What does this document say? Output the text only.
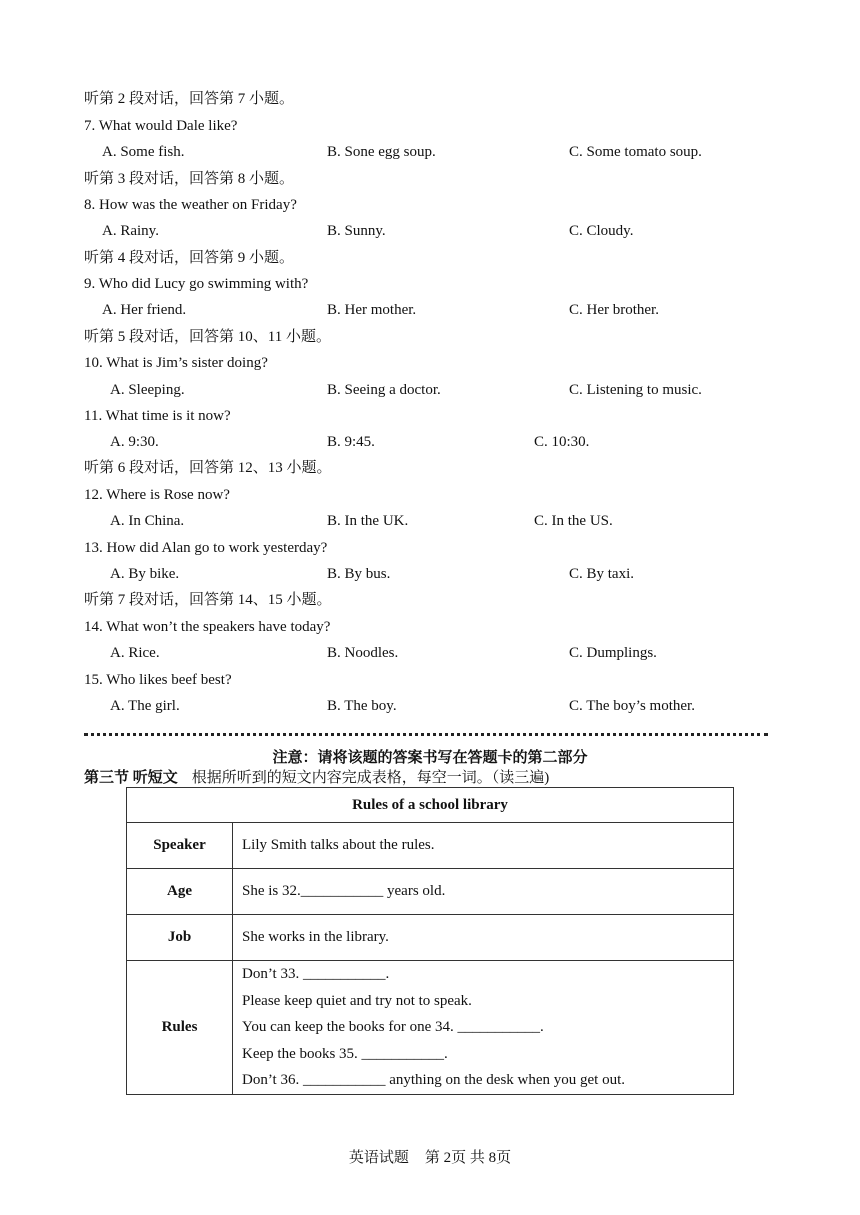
听第 2 段对话，回答第 7 小题。
7. What would Dale like?
A. Some fish.	B. Sone egg soup.	C. Some tomato soup.
听第 3 段对话，回答第 8 小题。
8. How was the weather on Friday?
A. Rainy.	B. Sunny.	C. Cloudy.
听第 4 段对话，回答第 9 小题。
9. Who did Lucy go swimming with?
A. Her friend.	B. Her mother.	C. Her brother.
听第 5 段对话，回答第 10、11 小题。
10. What is Jim’s sister doing?
A. Sleeping.	B. Seeing a doctor.	C. Listening to music.
11. What time is it now?
A. 9:30.	B. 9:45.	C. 10:30.
听第 6 段对话，回答第 12、13 小题。
12. Where is Rose now?
A. In China.	B. In the UK.	C. In the US.
13. How did Alan go to work yesterday?
A. By bike.	B. By bus.	C. By taxi.
听第 7 段对话，回答第 14、15 小题。
14. What won’t the speakers have today?
A. Rice.	B. Noodles.	C. Dumplings.
15. Who likes beef best?
A. The girl.	B. The boy.	C. The boy’s mother.
注意：请将该题的答案书写在答题卡的第二部分
第三节 听短文 根据所听到的短文内容完成表格，每空一词。（读三遍)
Rules of a school library	
Speaker	Lily Smith talks about the rules.
Age	She is 32.___________ years old.
Job	She works in the library.
Rules	Don’t 33. ___________.
Please keep quiet and try not to speak.
You can keep the books for one 34. ___________.
Keep the books 35. ___________.
Don’t 36. ___________ anything on the desk when you get out.
英语试题 第 2页 共 8页
